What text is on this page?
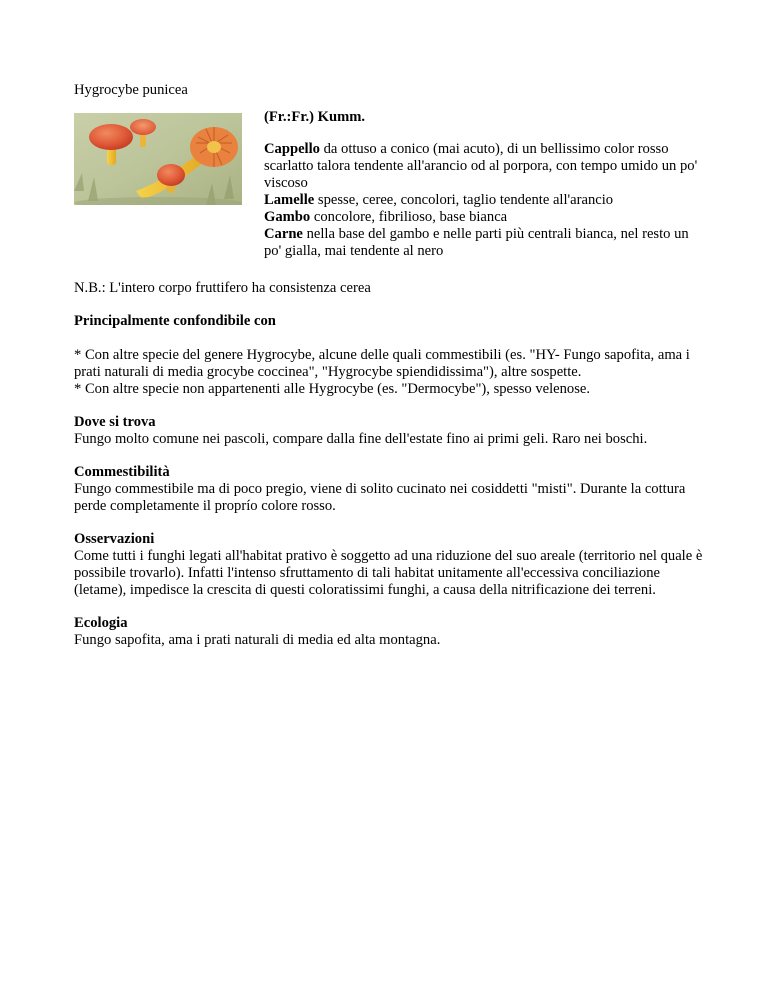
Hygrocybe punicea

(Fr.:Fr.) Kumm.

Cappello da ottuso a conico (mai acuto), di un bellissimo color rosso scarlatto talora tendente all'arancio od al porpora, con tempo umido un po' viscoso

Lamelle spesse, ceree, concolori, taglio tendente all'arancio

Gambo concolore, fibrilioso, base bianca

Carne nella base del gambo e nelle parti più centrali bianca, nel resto un po' gialla, mai tendente al nero

N.B.: L'intero corpo fruttifero ha consistenza cerea

Principalmente confondibile con

* Con altre specie del genere Hygrocybe, alcune delle quali commestibili (es. "HY- Fungo sapofita, ama i prati naturali di media grocybe coccinea", "Hygrocybe spiendidissima"), altre sospette.

* Con altre specie non appartenenti alle Hygrocybe (es. "Dermocybe"), spesso velenose.

Dove si trova

Fungo molto comune nei pascoli, compare dalla fine dell'estate fino ai primi geli. Raro nei boschi.

Commestibilità

Fungo commestibile ma di poco pregio, viene di solito cucinato nei cosiddetti "misti". Durante la cottura perde completamente il proprío colore rosso.

Osservazioni

Come tutti i funghi legati all'habitat prativo è soggetto ad una riduzione del suo areale (territorio nel quale è possibile trovarlo). Infatti l'intenso sfruttamento di tali habitat unitamente all'eccessiva conciliazione (letame), impedisce la crescita di questi coloratissimi funghi, a causa della nitrificazione dei terreni.

Ecologia

Fungo sapofita, ama i prati naturali di media ed alta montagna.
